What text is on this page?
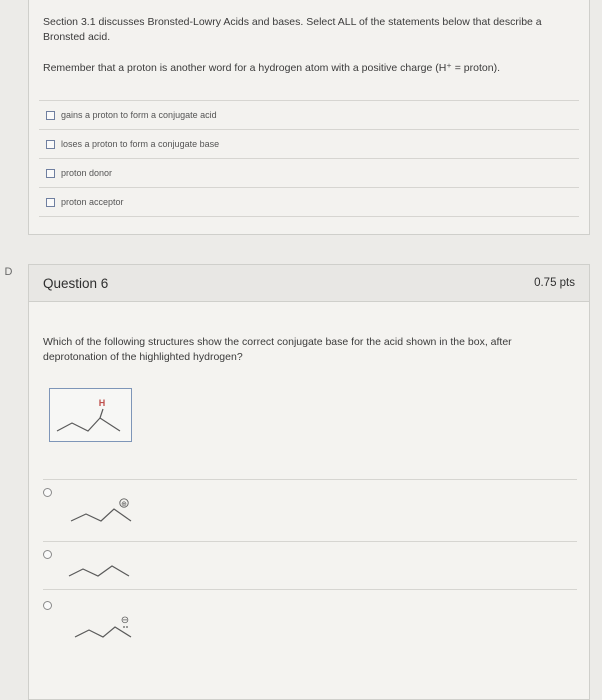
Section 3.1 discusses Bronsted-Lowry Acids and bases. Select ALL of the statements below that describe a Bronsted acid.
Remember that a proton is another word for a hydrogen atom with a positive charge (H⁺ = proton).
gains a proton to form a conjugate acid
loses a proton to form a conjugate base
proton donor
proton acceptor
D
Question 6	0.75 pts
Which of the following structures show the correct conjugate base for the acid shown in the box, after deprotonation of the highlighted hydrogen?
H
⊕
⊖
